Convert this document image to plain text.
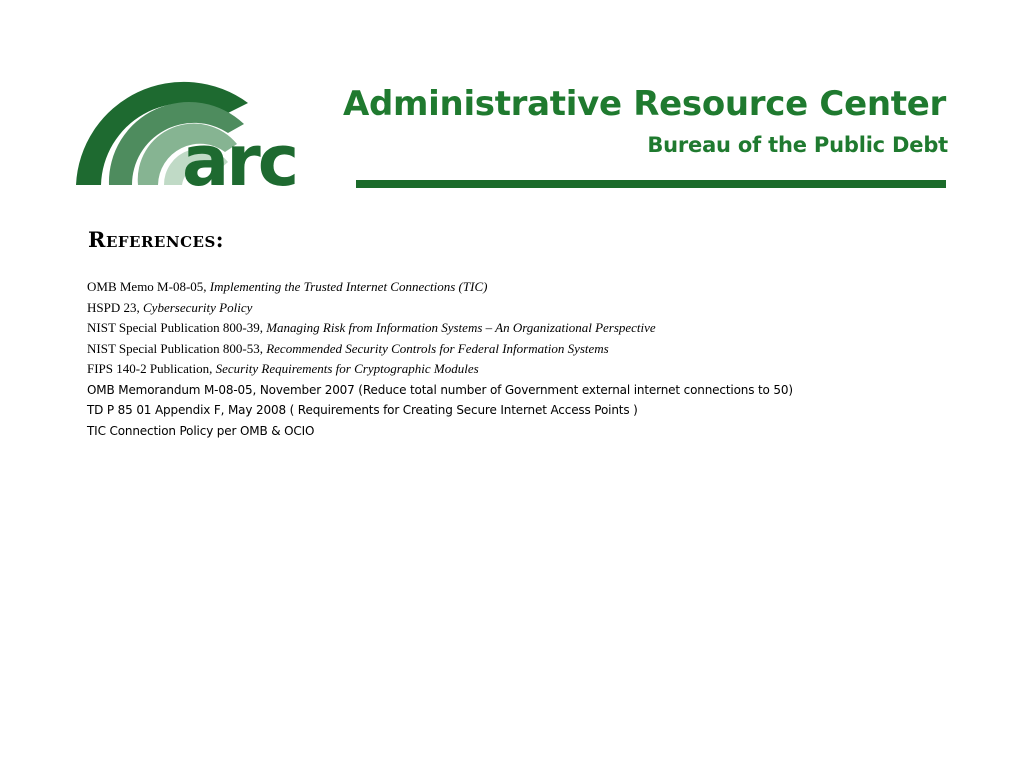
arc
Administrative Resource Center
Bureau of the Public Debt
References:
OMB Memo M-08-05, Implementing the Trusted Internet Connections (TIC)
HSPD 23, Cybersecurity Policy
NIST Special Publication 800-39, Managing Risk from Information Systems – An Organizational Perspective
NIST Special Publication 800-53, Recommended Security Controls for Federal Information Systems
FIPS 140-2 Publication, Security Requirements for Cryptographic Modules
OMB Memorandum M-08-05, November 2007 (Reduce total number of Government external internet connections to 50)
TD P 85 01 Appendix F, May 2008 ( Requirements for Creating Secure Internet Access Points )
TIC Connection Policy per OMB & OCIO
